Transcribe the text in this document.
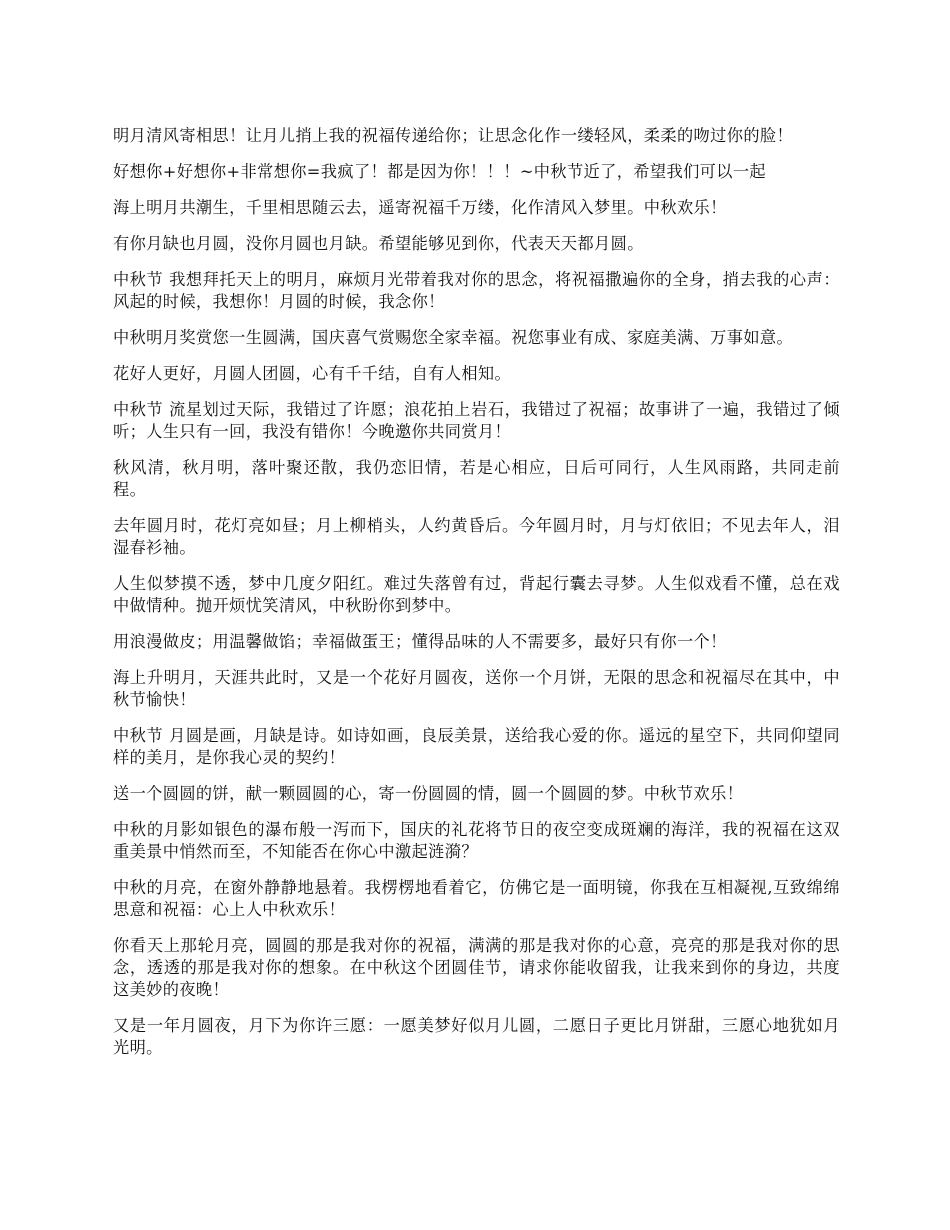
明月清风寄相思！让月儿捎上我的祝福传递给你；让思念化作一缕轻风，柔柔的吻过你的脸！

好想你+好想你+非常想你=我疯了！都是因为你！！！~中秋节近了，希望我们可以一起

海上明月共潮生，千里相思随云去，遥寄祝福千万缕，化作清风入梦里。中秋欢乐！

有你月缺也月圆，没你月圆也月缺。希望能够见到你，代表天天都月圆。

中秋节 我想拜托天上的明月，麻烦月光带着我对你的思念，将祝福撒遍你的全身，捎去我的心声：风起的时候，我想你！月圆的时候，我念你！

中秋明月奖赏您一生圆满，国庆喜气赏赐您全家幸福。祝您事业有成、家庭美满、万事如意。

花好人更好，月圆人团圆，心有千千结，自有人相知。

中秋节 流星划过天际，我错过了许愿；浪花拍上岩石，我错过了祝福；故事讲了一遍，我错过了倾听；人生只有一回，我没有错你！今晚邀你共同赏月！

秋风清，秋月明，落叶聚还散，我仍恋旧情，若是心相应，日后可同行，人生风雨路，共同走前程。

去年圆月时，花灯亮如昼；月上柳梢头，人约黄昏后。今年圆月时，月与灯依旧；不见去年人，泪湿春衫袖。

人生似梦摸不透，梦中几度夕阳红。难过失落曾有过，背起行囊去寻梦。人生似戏看不懂，总在戏中做情种。抛开烦忧笑清风，中秋盼你到梦中。

用浪漫做皮；用温馨做馅；幸福做蛋王；懂得品味的人不需要多，最好只有你一个！

海上升明月，天涯共此时，又是一个花好月圆夜，送你一个月饼，无限的思念和祝福尽在其中，中秋节愉快！

中秋节 月圆是画，月缺是诗。如诗如画，良辰美景，送给我心爱的你。遥远的星空下，共同仰望同样的美月，是你我心灵的契约！

送一个圆圆的饼，献一颗圆圆的心，寄一份圆圆的情，圆一个圆圆的梦。中秋节欢乐！

中秋的月影如银色的瀑布般一泻而下，国庆的礼花将节日的夜空变成斑斓的海洋，我的祝福在这双重美景中悄然而至，不知能否在你心中激起涟漪？

中秋的月亮，在窗外静静地悬着。我楞楞地看着它，仿佛它是一面明镜，你我在互相凝视,互致绵绵思意和祝福：心上人中秋欢乐！

你看天上那轮月亮，圆圆的那是我对你的祝福，满满的那是我对你的心意，亮亮的那是我对你的思念，透透的那是我对你的想象。在中秋这个团圆佳节，请求你能收留我，让我来到你的身边，共度这美妙的夜晚！

又是一年月圆夜，月下为你许三愿：一愿美梦好似月儿圆，二愿日子更比月饼甜，三愿心地犹如月光明。
